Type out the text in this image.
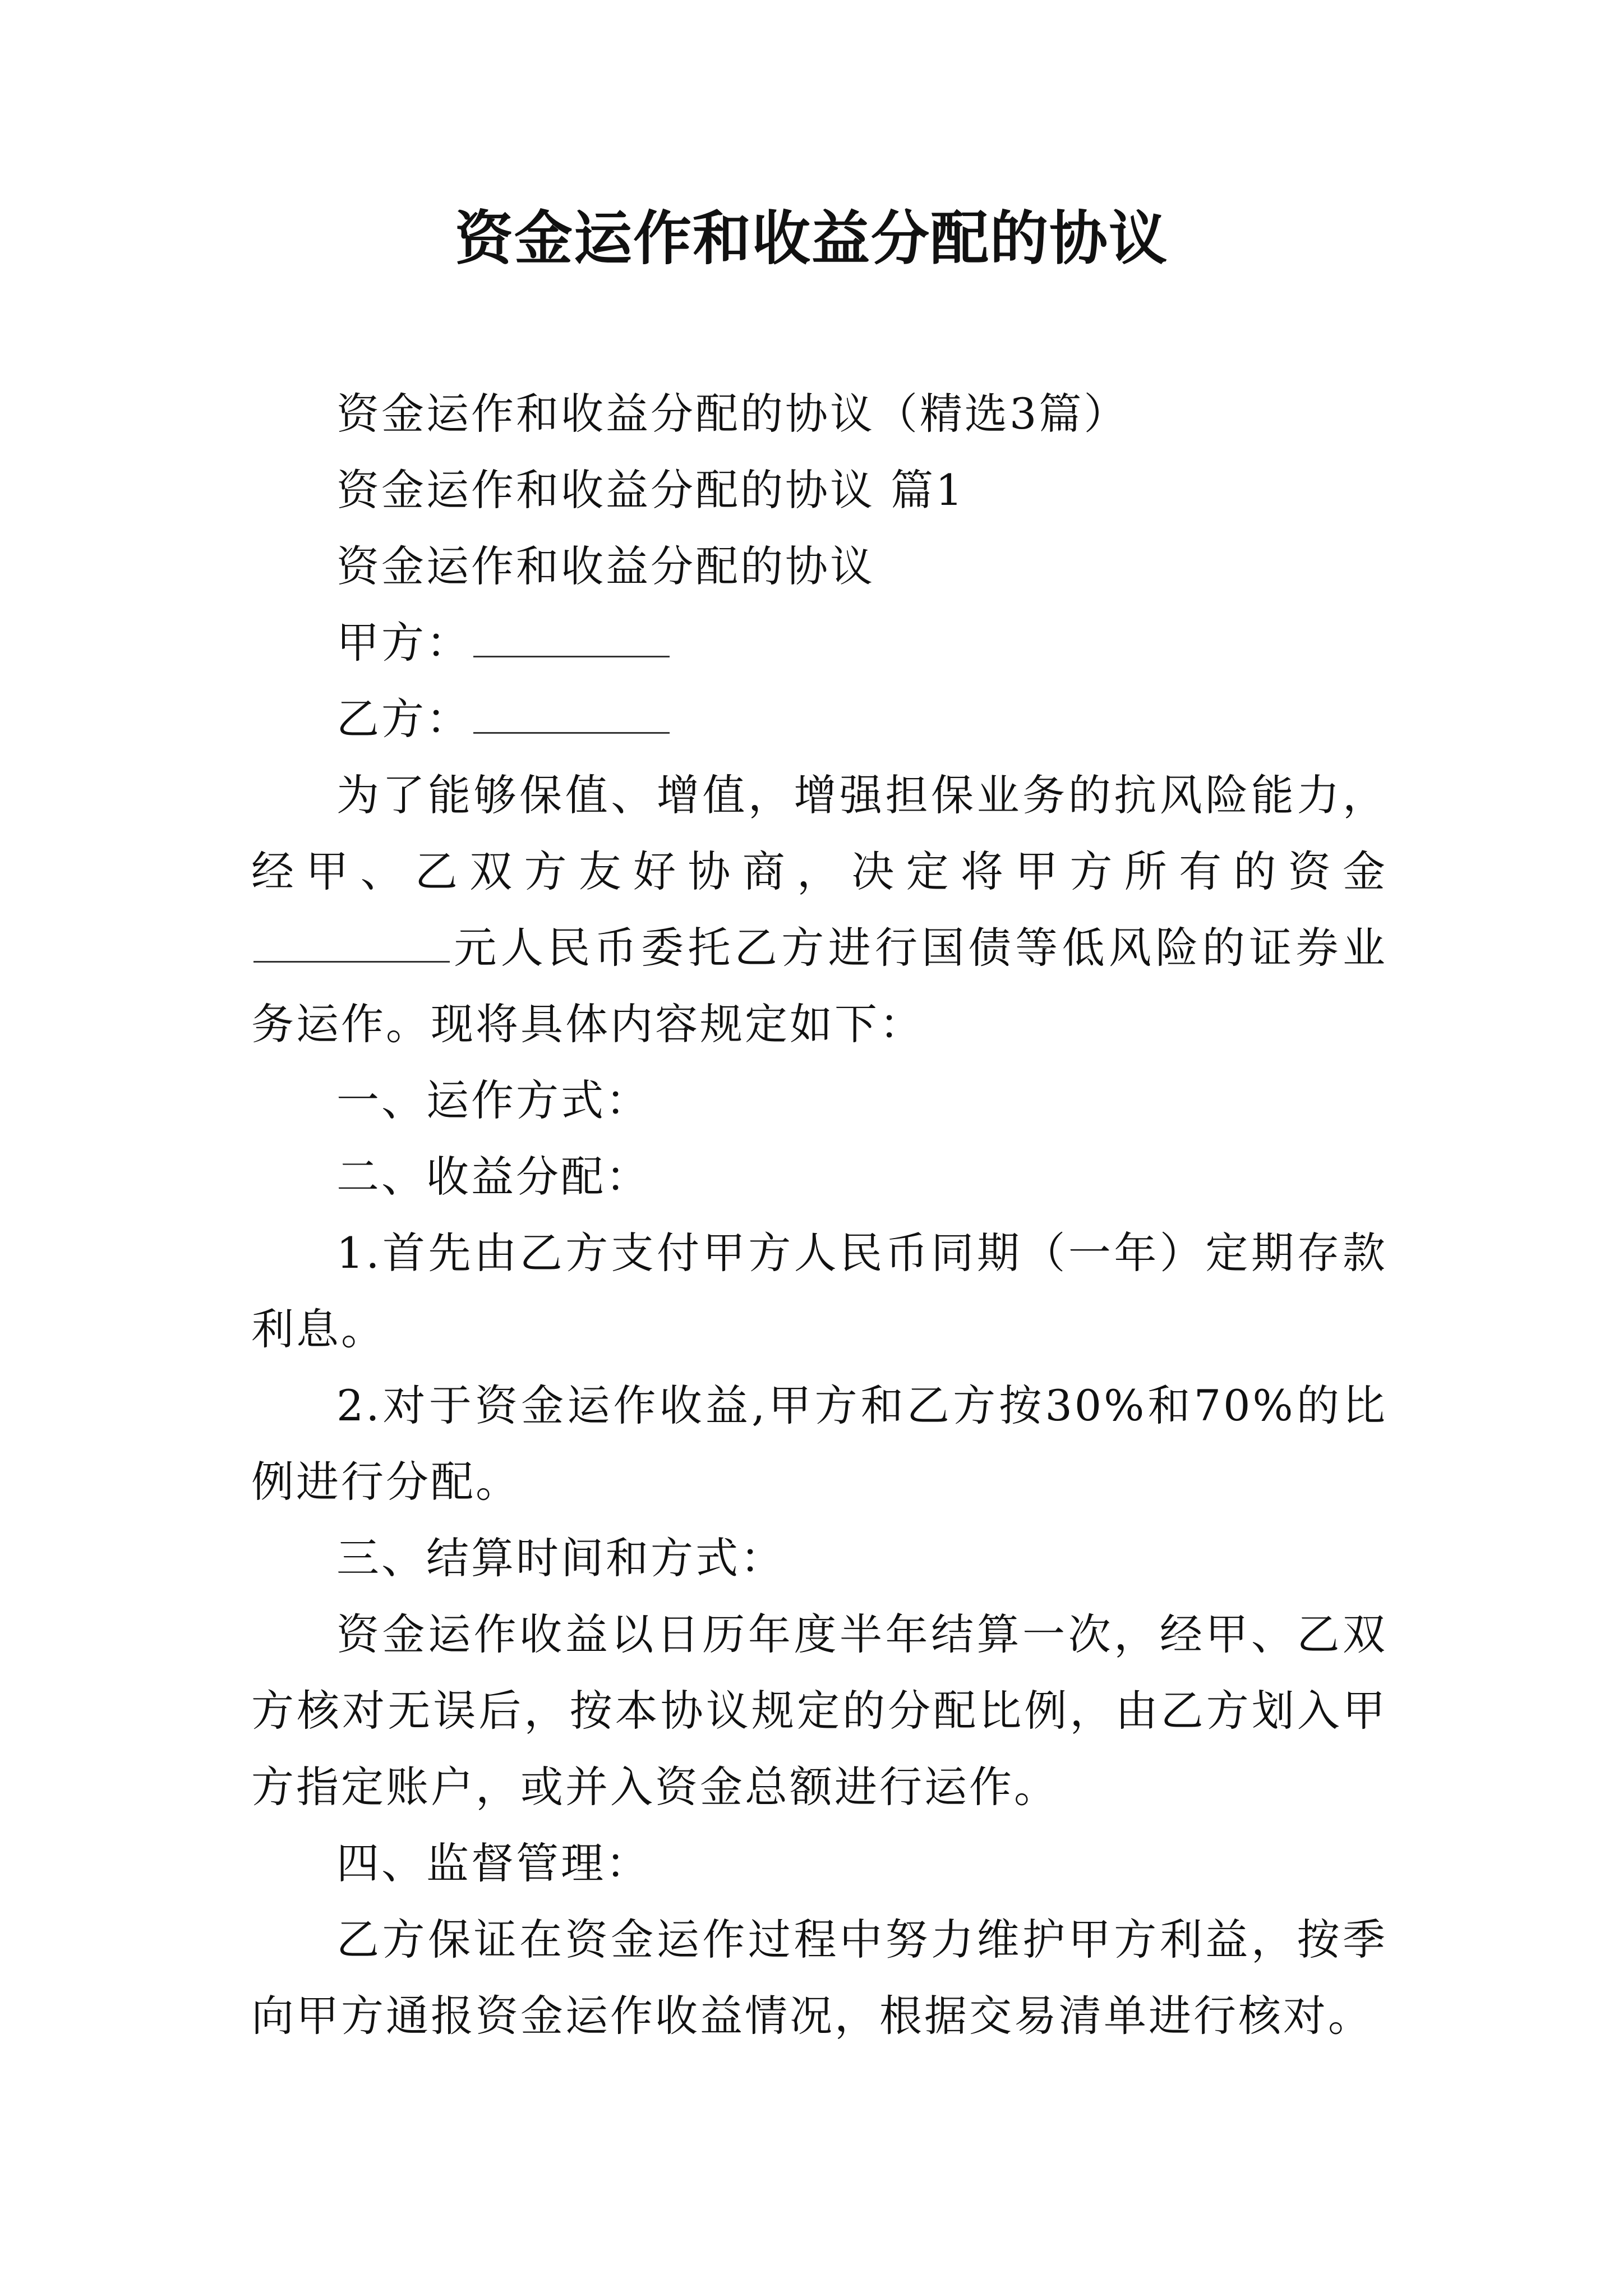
资金运作和收益分配的协议

资金运作和收益分配的协议（精选3篇）

资金运作和收益分配的协议 篇1

资金运作和收益分配的协议

甲方：

乙方：

为了能够保值、增值，增强担保业务的抗风险能力，经甲、乙双方友好协商，决定将甲方所有的资金元人民币委托乙方进行国债等低风险的证券业务运作。现将具体内容规定如下：

一、运作方式：

二、收益分配：

1.首先由乙方支付甲方人民币同期（一年）定期存款利息。

2.对于资金运作收益,甲方和乙方按30%和70%的比例进行分配。

三、结算时间和方式：

资金运作收益以日历年度半年结算一次，经甲、乙双方核对无误后，按本协议规定的分配比例，由乙方划入甲方指定账户，或并入资金总额进行运作。

四、监督管理：

乙方保证在资金运作过程中努力维护甲方利益，按季向甲方通报资金运作收益情况，根据交易清单进行核对。
